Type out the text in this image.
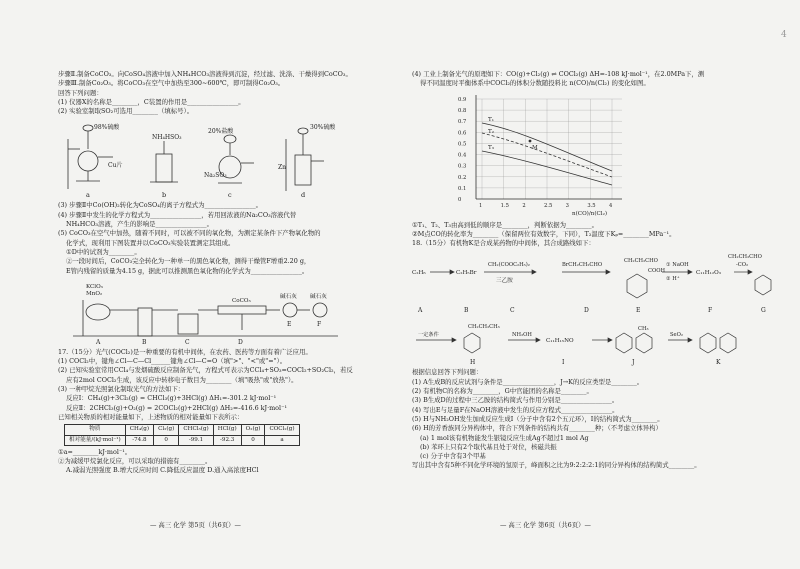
步骤Ⅱ.制备CoCO₃。向CoSO₄溶液中加入NH₄HCO₃溶液得到沉淀，经过滤、洗涤、干燥得到CoCO₃。
步骤Ⅲ.制备Co₂O₃。将CoCO₃在空气中加热至300~600℃，即可制得Co₂O₃。
回答下列问题：
(1) 仪器X的名称是________，C装置的作用是________________。
(2) 实验室制取SO₂可选用________（填标号）。
98%硫酸
Cu片
NH₄HSO₃
20%盐酸
Na₂SO₃
30%硫酸
Zn
a	b	c	d
(3) 步骤Ⅱ中Co(OH)₂转化为CoSO₄的离子方程式为________________。
(4) 步骤Ⅱ中发生的化学方程式为________________，若用回浓液的Na₂CO₃溶液代替
NH₄HCO₃溶液，产生的影响是________________。
(5) CoCO₃在空气中加热，随着不同时，可以被不同的氧化物，为测定某条件下产物氧化物的
化学式，现利用下图装置并以CoCO₃实验装置测定其组成。
①D中的试剂为________。
②一段时间后，CoCO₃完全转化为一种单一的黑色氧化物，测得干燥管F增重2.20 g，
E管内残留的质量为4.15 g，据此可以推测黑色氧化物的化学式为________________。
KClO₃
MnO₂
CoCO₃
碱石灰 碱石灰
A	B	C	D
E	F
17.（15分）光气(COCl₂)是一种重要的有机中间体，在农药、医药等方面有着广泛应用。
(1) COCl₂中，键角∠Cl—C—Cl______键角∠Cl—C=O（填">"、"<"或"="）。
(2) 已知实验室常用CCl₄与发烟硫酸反应制备光气，方程式可表示为CCl₄+SO₃=COCl₂+SO₂Cl₂，若反
应有2mol COCl₂生成，该反应中转移电子数目为________（填"吸热"或"放热"）。
(3) 一种甲烷光照氯化制取光气的方法如下：
反应Ⅰ：CH₄(g)+3Cl₂(g) = CHCl₃(g)+3HCl(g) ΔH₁=-301.2 kJ·mol⁻¹
反应Ⅱ：2CHCl₃(g)+O₂(g) = 2COCl₂(g)+2HCl(g) ΔH₂=-416.6 kJ·mol⁻¹
已知相关物质的相对能量如下，上述物质的相对能量如下表所示：
物质	CH₄(g)	Cl₂(g)	CHCl₃(g)	HCl(g)	O₂(g)	COCl₂(g)
相对能量/(kJ·mol⁻¹)	-74.8	0	-99.1	-92.3	0	a
①a=________kJ·mol⁻¹。
②为减缓甲烷氯化反应，可以采取的措施有________。
A.减弱光照强度 B.增大反应时间 C.降低反应温度 D.通入高浓度HCl
— 高三 化学 第5页（共6页）—
(4) 工业上制备光气的原理如下：CO(g)+Cl₂(g) ⇌ COCl₂(g) ΔH=-108 kJ·mol⁻¹，在2.0MPa下，测
得不同温度时平衡体系中COCl₂的体积分数随投料比 n(CO)/n(Cl₂) 的变化如图。
0.9
0.8
0.7
0.6
0.5
0.4
0.3
0.2
0.1
0
1	1.5	2	2.5	3	3.5	4
T₁
T₂
T₃	M
n(CO)/n(Cl₂)
①T₁、T₂、T₃由高到低的顺序是________，判断依据为________。
②M点CO的转化率为________（保留两位有效数字，下同），T₂温度下Kₚ=________MPa⁻¹。
18.（15分）有机物K是合成某药物的中间体，其合成路线如下：
C₂H₆	C₂H₅Br
CH₂(COOC₂H₅)₂
三乙胺
BrCH₂CH₂CHO
CH₂CH₂CHO
COOH
① NaOH
② H⁺
C₁₁H₁₂O₃
-CO₂
CH₂CH₂CHO
A	B	C	D	E	F	G
一定条件
CH₂CH₂CH₃
NH₂OH
C₁₁H₁₅NO
CH₃
SeO₂
H	I	J	K
根据信息回答下列问题：
(1) A生成B的反应试剂与条件是________________，J→K的反应类型是________。
(2) 有机物C的名称为________，G中官能团的名称是________。
(3) B生成D的过程中三乙胺的结构简式与作用分别是________________。
(4) 写出E与足量F在NaOH溶液中发生的反应方程式________________。
(5) H与NH₂OH发生加成反应生成I（分子中含有2个五元环），I的结构简式为________。
(6) H的芳香族同分异构体中，符合下列条件的结构共有________种；（不考虑立体异构）
(a) 1 mol该有机物能发生银镜反应生成Ag不超过1 mol Ag
(b) 苯环上只有2个取代基且处于对位，核磁共振
(c) 分子中含有3个甲基
写出其中含有5种不同化学环境的氢原子，峰面积之比为9:2:2:2:1的同分异构体的结构简式________。
— 高三 化学 第6页（共6页）—
4
